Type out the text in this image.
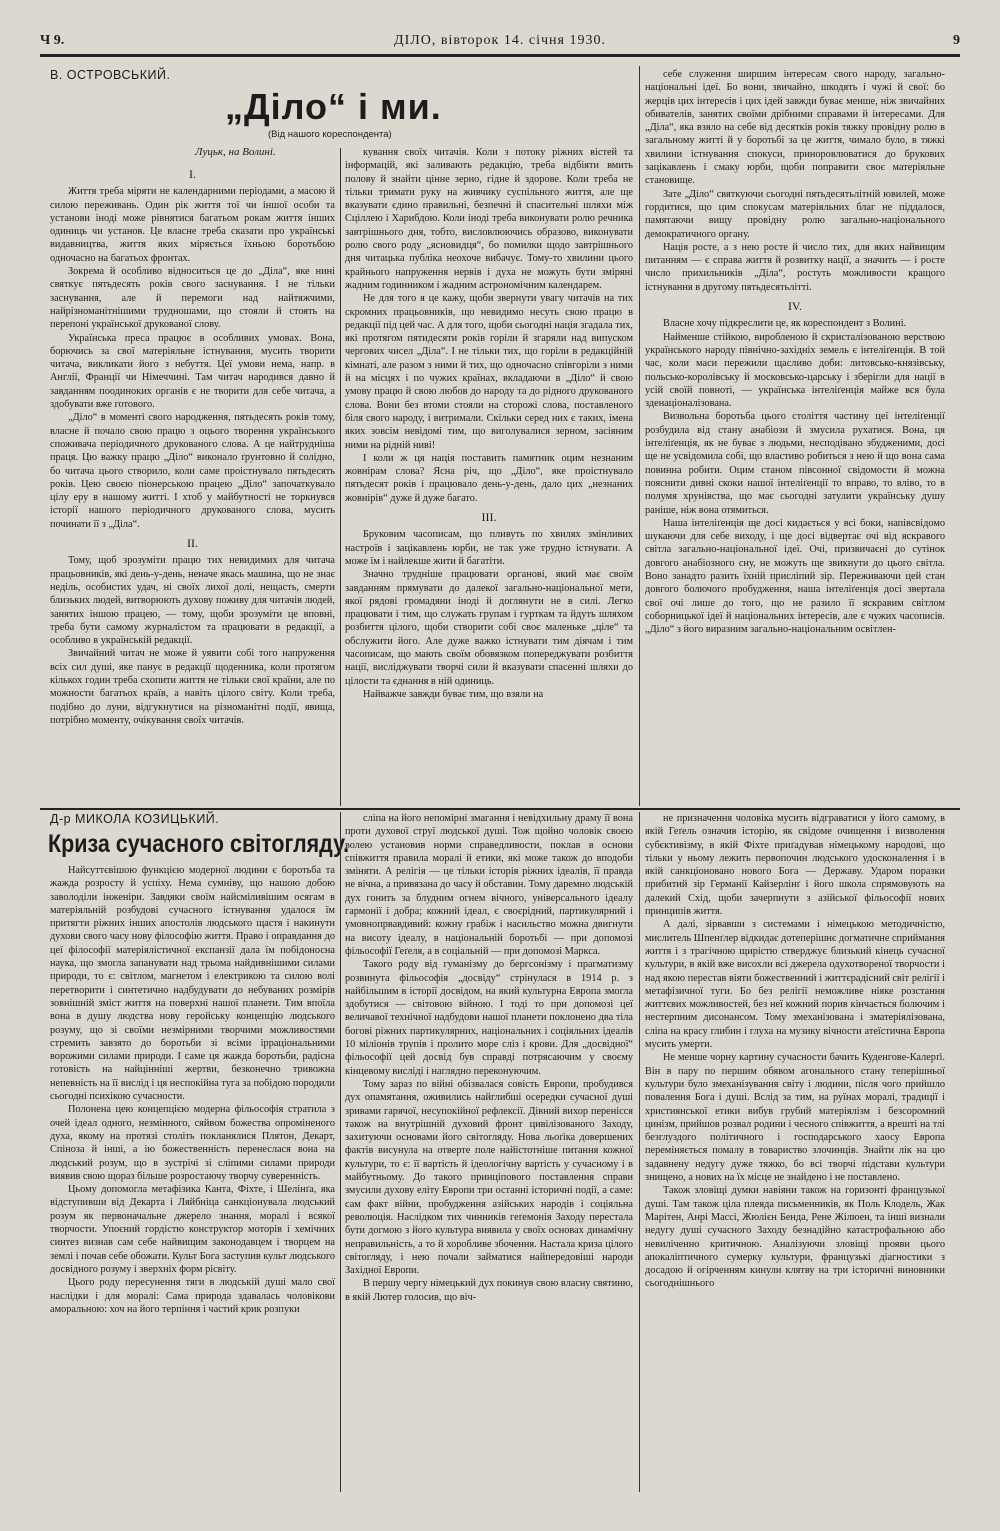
Ч 9.	ДІЛО, вівторок 14. січня 1930.	9
В. ОСТРОВСЬКИЙ.
„Діло“ і ми.
(Від нашого кореспондента)
Луцьк, на Волині.

I.

Життя треба міряти не календарними періодами, а масою й силою переживань. Один рік життя тої чи іншої особи та установи іноді може рівнятися багатьом рокам життя інших одиниць чи установ. Це власне треба сказати про українські видавництва, життя яких міряється їхньою боротьбою одночасно на багатьох фронтах.

Зокрема й особливо відноситься це до „Діла“, яке нині святкує пятьдесять років свого заснування. І не тільки заснування, але й перемоги над найтяжчими, найрізноманітнішими трудношами, що стояли й стоять на перепоні української друкованої слову.

Українська преса працює в особливих умовах. Вона, борючись за свої матеріяльне істнування, мусить творити читача, викликати його з небуття. Цеї умови нема, напр. в Англії, Франції чи Німеччині. Там читач народився давно й завданням поодиноких органів є не творити для себе читача, а здобувати вже готового.

„Діло“ в моменті свого народження, пятьдесять років тому, власне й почало свою працю з оцього творення українського споживача періодичного друкованого слова. А це найтрудніша праця. Цю важку працю „Діло“ виконало ґрунтовно й солідно, бо читача цього створило, коли саме проістнувало пятьдесять років. Цею своєю піонерською працею „Діло“ започаткувало цілу еру в нашому житті. І хтоб у майбутності не торкнувся історії нашого періодичного друкованого слова, мусить починати її з „Діла“.

II.

Тому, щоб зрозуміти працю тих невидимих для читача працьовників, які день-у-день, неначе якась машина, що не знає неділь, особистих удач, ні своїх лихої долі, нещасть, смерти близьких людей, витворюють духову поживу для читачів людей, занятих іншою працею, — тому, щоби зрозуміти це вповні, треба бути самому журналістом та працювати в редакції, а особливо в українській редакції.

Звичайний читач не може й уявити собі того напруження всіх сил душі, яке панує в редакції щоденника, коли протягом кількох годин треба схопити життя не тільки свої країни, але по можности багатьох країв, а навіть цілого світу. Коли треба, подібно до луни, відгукнутися на різноманітні події, явища, потрібно моменту, очікування своїх читачів.

кування своїх читачів. Коли з потоку ріжних вістей та інформацій, які заливають редакцію, треба відбіяти вмить полову й знайти цінне зерно, гідне й здорове. Коли треба не тільки тримати руку на живчику суспільного життя, але ще вказувати єдино правильні, безпечні й спасительні шляхи між Сціллею і Харибдою. Коли іноді треба виконувати ролю речника завтрішнього дня, тобто, висловлюючись образово, виконувати ролю свого роду „ясновидця“, бо помилки щодо завтрішнього дня читацька публіка неохоче вибачує. Тому-то хвилини цього крайнього напруження нервів і духа не можуть бути зміряні жадним годинником і жадним астрономічним календарем.

Не для того я це кажу, щоби звернути увагу читачів на тих скромних працьовників, що невидимо несуть свою працю в редакції під цей час. А для того, щоби сьогодні нація згадала тих, які протягом пятидесяти років горіли й згаряли над випуском чергових чисел „Діла“. І не тільки тих, що горіли в редакційній кімнаті, але разом з ними й тих, що одночасно співгоріли з ними й на місцях і по чужих країнах, вкладаючи в „Діло“ й свою умову працю й свою любов до народу та до рідного друкованого слова. Вони без втоми стояли на сторожі слова, поставленого біля свого народу, і витримали. Скільки серед них є таких, імена яких зовсім невідомі тим, що виголувалися зерном, засіяним ними на рідній ниві!

І коли ж ця нація поставить памятник оцим незнаним жовнірам слова? Ясна річ, що „Діло“, яке проістнувало пятьдесят років і працювало день-у-день, дало цих „незнаних жовнірів“ дуже й дуже багато.

III.

Бруковим часописам, що пливуть по хвилях змінливих настроїв і зацікавлень юрби, не так уже трудно істнувати. А може їм і найлекше жити й багатіти.

Значно трудніше працювати органові, який має своїм завданням прямувати до далекої загально-національної мети, якої рядові громадяни іноді й доглянути не в силі. Легко працювати і тим, що служать групам і гурткам та йдуть шляхом розбиття цілого, щоби створити собі своє маленьке „ціле“ та обслужити його. Але дуже важко істнувати тим діячам і тим часописам, що мають своїм обовязком попереджувати розбиття нації, висліджувати творчі сили й вказувати спасенні шляхи до цілости та єднання в ній одиниць.

Найважче завжди буває тим, що взяли на

себе служення ширшим інтересам свого народу, загально-національні ідеї. Бо вони, звичайно, шкодять і чужі й свої: бо жерців цих інтересів і цих ідей завжди буває менше, ніж звичайних обивателів, занятих своїми дрібними справами й інтересами. Для „Діла“, яка взяло на себе від десятків років тяжку провідну ролю в загальному житті й у боротьбі за це життя, чимало було, в тяжкі хвилини істнування спокуси, приноровлюватися до брукових зацікавлень і смаку юрби, щоби поправити своє матеріяльне становище.

Зате „Діло“ святкуючи сьогодні пятьдесятьлітній ювилей, може гордитися, що цим спокусам матеріяльних благ не піддалося, памятаючи вищу провідну ролю загально-національного демократичного органу.

Нація росте, а з нею росте й число тих, для яких найвищим питанням — є справа життя й розвитку нації, а значить — і росте число прихильників „Діла“, ростуть можливости кращого істнування в другому пятьдесятьлітті.

IV.

Власне хочу підкреслити це, як кореспондент з Волині.

Найменше стійкою, виробленою й скристалізованою верствою українського народу північно-західніх земель є інтеліґенція. В той час, коли маси пережили щасливо доби: литовсько-князівську, польсько-королівську й московсько-царську і зберігли для нації в усій своїй повноті, — українська інтеліґенція майже вся була зденаціоналізована.

Визвольна боротьба цього століття частину цеї інтеліґенції розбудила від стану анабіози й змусила рухатися. Вона, ця інтеліґенція, як не буває з людьми, несподівано збудженими, досі ще не усвідомила собі, що властиво робиться з нею й що вона сама повинна робити. Оцим станом півсонної свідомости й можна пояснити дивні скоки нашої інтеліґенції то вправо, то вліво, то в полумя хрунівства, що має сьогодні затулити українську душу раніше, ніж вона отямиться.

Наша інтеліґенція ще досі кидається у всі боки, напівсвідомо шукаючи для себе виходу, і ще досі відвертає очі від яскравого світла загально-національної ідеї. Очі, призвичаєні до сутінок довгого анабіозного сну, не можуть ще звикнути до цього світла. Воно занадто разить їхній присліпий зір. Переживаючи цей стан довгого болючого пробудження, наша інтеліґенція досі звертала свої очі лише до того, що не разило її яскравим світлом соборницької ідеї й національних інтересів, але є чужих часописів. „Діло“ з його виразним загально-національним освітлен-

Д-р МИКОЛА КОЗИЦЬКИЙ.
Криза сучасного світогляду.

Найсуттєвішою функцією модерної людини є боротьба та жажда розросту й успіху. Нема сумніву, що нашою добою заволоділи інженіри. Завдяки своїм найсміливішим осягам в матеріяльній розбудові сучасного істнування удалося їм притягти ріжних інших апостолів людського щастя і накинути духови свого часу нову філософію життя. Право і оправдання до цеї філософії матеріялістичної експанзії дала їм побідоносна наука, що змогла запанувати над трьома найдивнішими силами природи, то є: світлом, магнетом і електрикою та силою волі перетворити і синтетично надбудувати до небуваних розмірів зовнішній зміст життя на поверхні нашої планети. Тим впоїла вона в душу людства нову геройську концепцію людського розуму, що зі своїми незмірними творчими можливостями стремить завзято до боротьби зі всіми ірраціональними ворожими силами природи. І саме ця жажда боротьби, радісна готовість на найцінніші жертви, безконечно тривожна непевність на її вислід і ця неспокійна туга за побідою породили сьогодні психікою сучасности.

Полонена цею концепцією модерна фільософія стратила з очей ідеал одного, незмінного, сяйвом божества опроміненого духа, якому на протязі століть покланялися Плятон, Декарт, Спіноза й інші, а ію божественність перенеслася вона на людський розум, що в зустрічі зі сліпими силами природи виявив свою щораз більше розростаючу творчу суверенність.

Цьому допомогла метафізика Канта, Фіхте, і Шелінґа, яка відступивши від Декарта і Ляйбніца санкціонувала людський розум як первоначальне джерело знання, моралі і всякої творчости. Упоєний гордістю конструктор моторів і хемічних синтез визнав сам себе найвищим законодавцем і творцем на землі і почав себе обожати. Культ Бога заступив культ людського досвідного розуму і зверхніх форм рісвіту.

Цього роду пересунення тяги в людській душі мало свої наслідки і для моралі: Сама природа здавалась чоловікови аморальною: хоч на його терпіння і частий крик розпуки

сліпа на його непомірні змагання і невідхильну драму її вона проти духової струї людської душі. Тож щойно чоловік своєю волею установив норми справедливости, поклав в основи співжиття правила моралі й етики, які може також до вподоби зміняти. А релігія — це тільки історія ріжних ідеалів, її правда не вічна, а привязана до часу й обставин. Тому даремно людській дух гонить за блудним огнем вічного, універсального ідеалу гармонії і добра; кожний ідеал, є своєрідний, партикулярний і умовнопрвавдивий: кожну грабіж і насильство можна двигнути на висоту ідеалу, в національній боротьбі — при допомозі фільософії Геґеля, а в соціальній — при допомозі Маркса.

Такого роду від гуманізму до бергсонізму і прагматизму розвинута фільософія „досвіду“ стрінулася в 1914 р. з найбільшим в історії досвідом, на який культурна Европа змогла здобутися — світовою війною. І тоді то при допомозі цеї величавої технічної надбудови нашої планети поклонено два тіла богові ріжних партикулярних, національних і соціяльних ідеалів 10 міліонів трупів і пролито море сліз і крови. Для „досвідної“ фільософії цей досвід був справді потрясаючим у своєму кінцевому висліді і наглядно переконуючим.

Тому зараз по війні обізвалася совість Европи, пробудився дух опамятання, оживились найглибші осередки сучасної душі зривами гарячої, несупокійної рефлексії. Дівний вихор перенісся також на внутрішній духовий фронт цивілізованого Заходу, захитуючи основами його світогляду. Нова льоґіка довершених фактів висунула на отверте поле найістотніше питання кожної культури, то є: її вартість й ідеологічну вартість у сучасному і в майбутньому. До такого принціпового поставлення справи змусили духову еліту Европи три останні історичні події, а саме: сам факт війни, пробудження азійських народів і соціяльна революція. Наслідком тих чинників геґемонія Заходу перестала бути догмою з його культура виявила у своїх основах динамічну неправильність, а то й хоробливе збочення. Настала криза цілого світогляду, і нею почали займатися найпередовіші народи Західної Европи.

В першу чергу німецький дух покинув свою власну святиню, в якій Лютер голосив, що віч-

не призначення чоловіка мусить відграватися у його самому, в якій Геґель означив історію, як свідоме очищення і визволення субєктивізму, в якій Фіхте приґадував німецькому народові, що тільки у ньому лежить первопочин людського удосконалення і в якій санкціоновано нового Бога — Державу. Ударом поразки прибитий зір Германії Кайзерлінґ і його школа спрямовують на далекий Схід, щоби зачерпнути з азійської фільософії нових принципів життя.

А далі, зірвавши з системами і німецькою методичністю, мислитель Шпенґлер відкидає дотеперішнє догматичне сприймання життя і з трагічною щирістю стверджує близький кінець сучасної культури, в якій вже висохли всі джерела одухотвореної творчости і над якою перестав віяти божественний і життєрадісний світ релігії і метафізичної туги. Бо без релігії неможливе ніяке розстання життєвих можливостей, без неї кожний порив кінчається болючим і нестерпним дисонансом. Тому змеханізована і зматеріялізована, сліпа на красу глибин і глуха на музику вічности атеїстична Европа мусить умерти.

Не менше чорну картину сучасности бачить Куденгове-Калерґі. Він в пару по першим обявом агонального стану теперішньої культури було змеханізування світу і людини, після чого прийшло повалення Бога і душі. Вслід за тим, на руїнах моралі, традиції і християнської етики вибув грубий матеріялізм і безсоромний цинізм, прийшов розвал родини і чесного співжиття, а врешті на тлі безглуздого політичного і господарського хаосу Европа переміняється помалу в товариство злочинців. Знайти лік на цю задавнену недугу дуже тяжко, бо всі творчі підстави культури знищено, а нових на їх місце не знайдено і не поставлено.

Також зловіщі думки навіяни також на горизонті французької душі. Там також ціла плеяда письменників, як Поль Клодель, Жак Марітен, Анрі Массі, Жюлієн Бенда, Рене Жілюен, та інші визнали недугу душі сучасного Заходу безнадійно катастрофальною або невиліченно критичною. Аналізуючи зловіщі прояви цього апокаліптичного сумерку культури, французькі діагностики з досадою й огірченням кинули клятву на три історичні виновники сьогоднішнього
